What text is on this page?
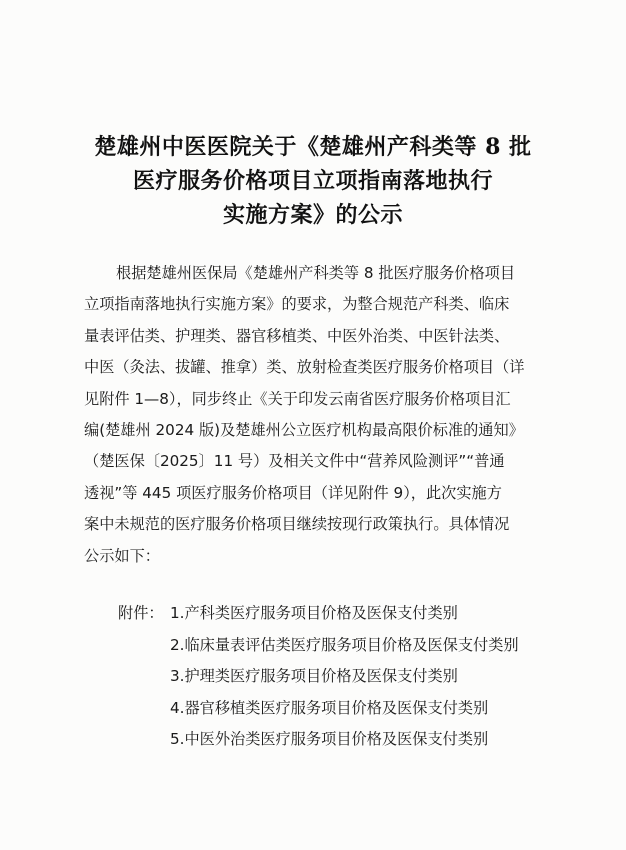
楚雄州中医医院关于《楚雄州产科类等 8 批
医疗服务价格项目立项指南落地执行
实施方案》的公示

根据楚雄州医保局《楚雄州产科类等 8 批医疗服务价格项目
立项指南落地执行实施方案》的要求，为整合规范产科类、临床
量表评估类、护理类、器官移植类、中医外治类、中医针法类、
中医（灸法、拔罐、推拿）类、放射检查类医疗服务价格项目（详
见附件 1—8），同步终止《关于印发云南省医疗服务价格项目汇
编(楚雄州 2024 版)及楚雄州公立医疗机构最高限价标准的通知》
（楚医保〔2025〕11 号）及相关文件中“营养风险测评”“普通
透视”等 445 项医疗服务价格项目（详见附件 9），此次实施方
案中未规范的医疗服务价格项目继续按现行政策执行。具体情况
公示如下：

附件： 1.产科类医疗服务项目价格及医保支付类别
2.临床量表评估类医疗服务项目价格及医保支付类别
3.护理类医疗服务项目价格及医保支付类别
4.器官移植类医疗服务项目价格及医保支付类别
5.中医外治类医疗服务项目价格及医保支付类别
